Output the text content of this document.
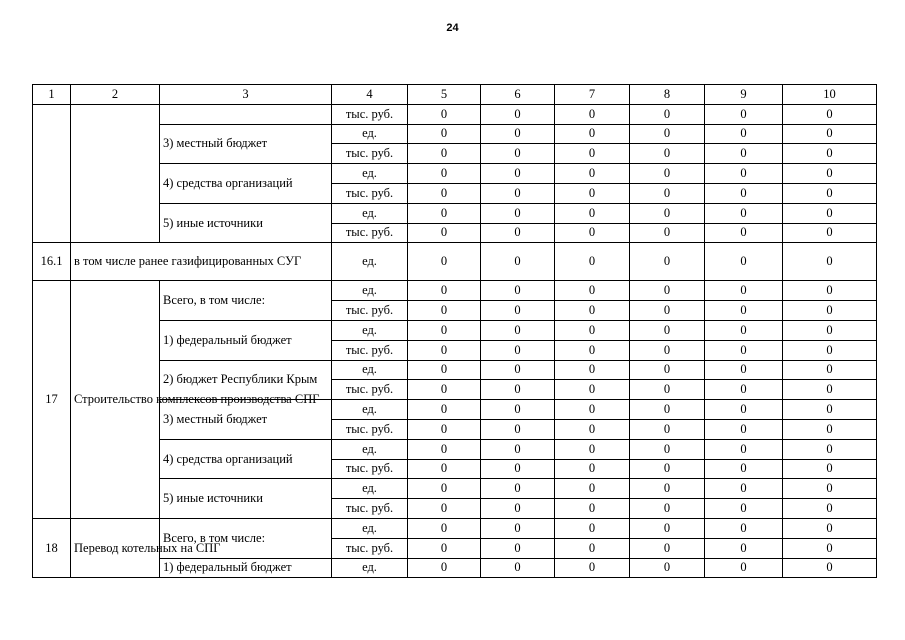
24
1	2	3	4	5	6	7	8	9	10
			тыс. руб.	0	0	0	0	0	0
		3) местный бюджет	ед.	0	0	0	0	0	0
			тыс. руб.	0	0	0	0	0	0
		4) средства организаций	ед.	0	0	0	0	0	0
			тыс. руб.	0	0	0	0	0	0
		5) иные источники	ед.	0	0	0	0	0	0
			тыс. руб.	0	0	0	0	0	0
16.1	в том числе ранее газифицированных СУГ		ед.	0	0	0	0	0	0
17	Строительство комплексов производства СПГ	Всего, в том числе:	ед.	0	0	0	0	0	0
			тыс. руб.	0	0	0	0	0	0
		1) федеральный бюджет	ед.	0	0	0	0	0	0
			тыс. руб.	0	0	0	0	0	0
		2) бюджет Республики Крым	ед.	0	0	0	0	0	0
			тыс. руб.	0	0	0	0	0	0
		3) местный бюджет	ед.	0	0	0	0	0	0
			тыс. руб.	0	0	0	0	0	0
		4) средства организаций	ед.	0	0	0	0	0	0
			тыс. руб.	0	0	0	0	0	0
		5) иные источники	ед.	0	0	0	0	0	0
			тыс. руб.	0	0	0	0	0	0
18	Перевод котельных на СПГ	Всего, в том числе:	ед.	0	0	0	0	0	0
			тыс. руб.	0	0	0	0	0	0
		1) федеральный бюджет	ед.	0	0	0	0	0	0
